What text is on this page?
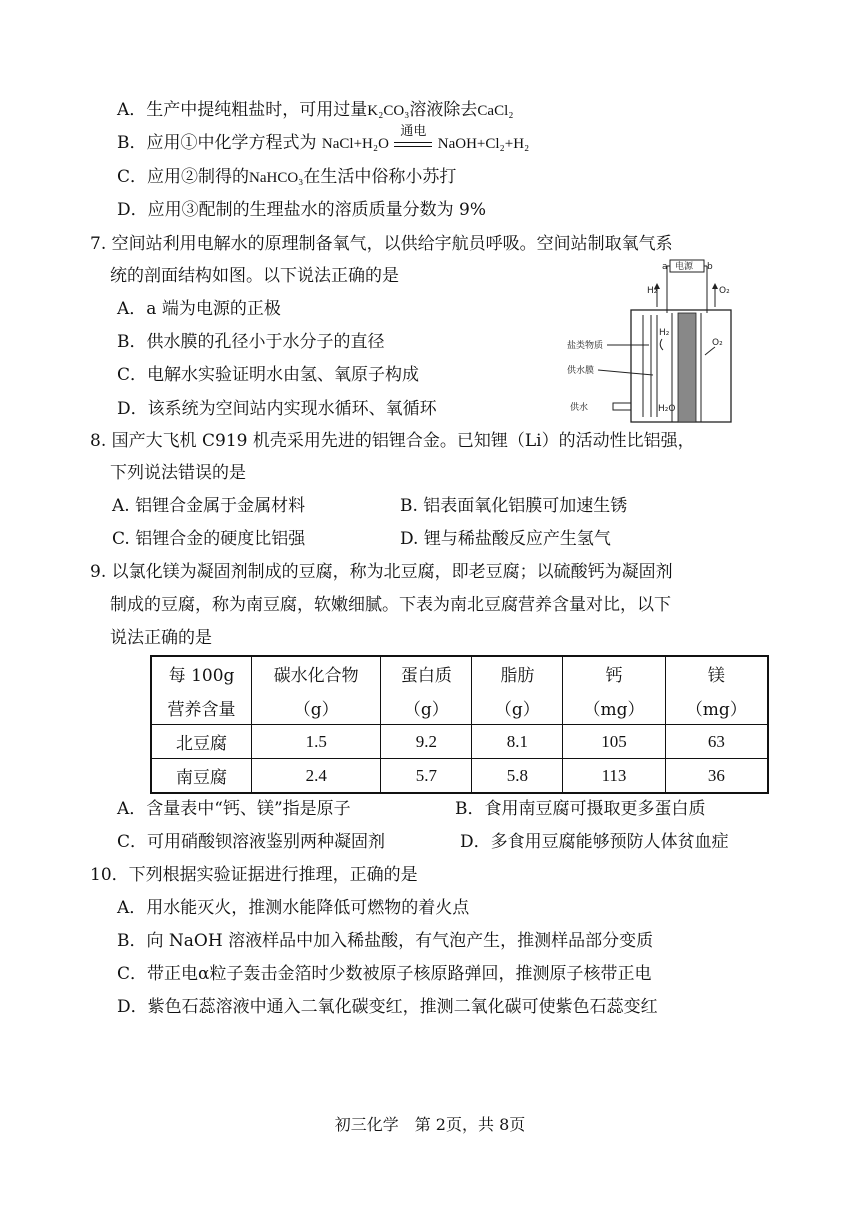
A．生产中提纯粗盐时，可用过量K₂CO₃溶液除去CaCl₂
B．应用①中化学方程式为 NaCl+H₂O
通电
NaOH+Cl₂+H₂
C．应用②制得的NaHCO₃在生活中俗称小苏打
D．应用③配制的生理盐水的溶质质量分数为 9%
7. 空间站利用电解水的原理制备氧气，以供给宇航员呼吸。空间站制取氧气系
统的剖面结构如图。以下说法正确的是
A．a 端为电源的正极
B．供水膜的孔径小于水分子的直径
C．电解水实验证明水由氢、氧原子构成
D．该系统为空间站内实现水循环、氧循环
电源
a	b
H₂	O₂
H₂
O₂
H₂O
盐类物质
供水膜
供水
8. 国产大飞机 C919 机壳采用先进的铝锂合金。已知锂（Li）的活动性比铝强，
下列说法错误的是
A. 铝锂合金属于金属材料	B. 铝表面氧化铝膜可加速生锈
C. 铝锂合金的硬度比铝强	D. 锂与稀盐酸反应产生氢气
9. 以氯化镁为凝固剂制成的豆腐，称为北豆腐，即老豆腐；以硫酸钙为凝固剂
制成的豆腐，称为南豆腐，软嫩细腻。下表为南北豆腐营养含量对比，以下
说法正确的是
每 100g	碳水化合物	蛋白质	脂肪	钙	镁
营养含量	（g）	（g）	（g）	（mg）	（mg）
北豆腐	1.5	9.2	8.1	105	63
南豆腐	2.4	5.7	5.8	113	36
A．含量表中“钙、镁”指是原子	B．食用南豆腐可摄取更多蛋白质
C．可用硝酸钡溶液鉴别两种凝固剂	D．多食用豆腐能够预防人体贫血症
10．下列根据实验证据进行推理，正确的是
A．用水能灭火，推测水能降低可燃物的着火点
B．向 NaOH 溶液样品中加入稀盐酸，有气泡产生，推测样品部分变质
C．带正电α粒子轰击金箔时少数被原子核原路弹回，推测原子核带正电
D．紫色石蕊溶液中通入二氧化碳变红，推测二氧化碳可使紫色石蕊变红
初三化学　第 2页，共 8页
